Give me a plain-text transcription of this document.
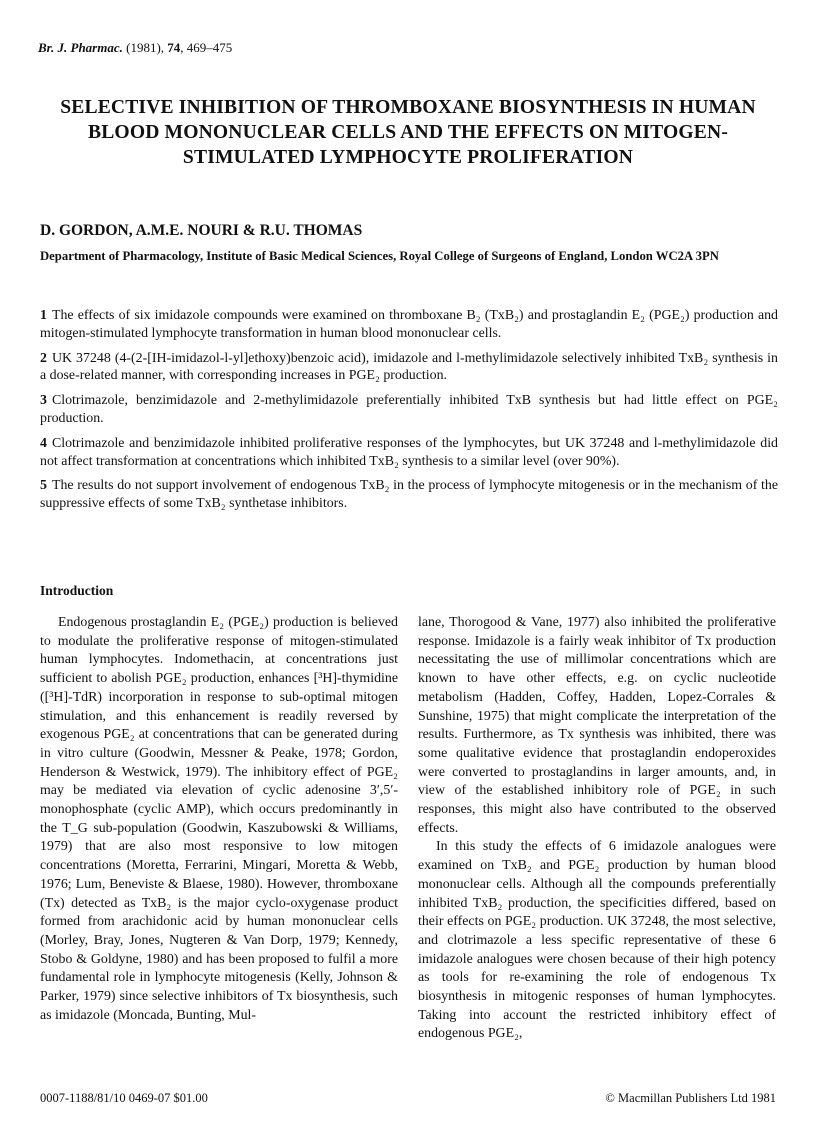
Br. J. Pharmac. (1981), 74, 469–475
SELECTIVE INHIBITION OF THROMBOXANE BIOSYNTHESIS IN HUMAN BLOOD MONONUCLEAR CELLS AND THE EFFECTS ON MITOGEN-STIMULATED LYMPHOCYTE PROLIFERATION
D. GORDON, A.M.E. NOURI & R.U. THOMAS
Department of Pharmacology, Institute of Basic Medical Sciences, Royal College of Surgeons of England, London WC2A 3PN
1 The effects of six imidazole compounds were examined on thromboxane B₂ (TxB₂) and prostaglandin E₂ (PGE₂) production and mitogen-stimulated lymphocyte transformation in human blood mononuclear cells.
2 UK 37248 (4-(2-[IH-imidazol-l-yl]ethoxy)benzoic acid), imidazole and l-methylimidazole selectively inhibited TxB₂ synthesis in a dose-related manner, with corresponding increases in PGE₂ production.
3 Clotrimazole, benzimidazole and 2-methylimidazole preferentially inhibited TxB synthesis but had little effect on PGE₂ production.
4 Clotrimazole and benzimidazole inhibited proliferative responses of the lymphocytes, but UK 37248 and l-methylimidazole did not affect transformation at concentrations which inhibited TxB₂ synthesis to a similar level (over 90%).
5 The results do not support involvement of endogenous TxB₂ in the process of lymphocyte mitogenesis or in the mechanism of the suppressive effects of some TxB₂ synthetase inhibitors.
Introduction

Endogenous prostaglandin E₂ (PGE₂) production is believed to modulate the proliferative response of mitogen-stimulated human lymphocytes. Indomethacin, at concentrations just sufficient to abolish PGE₂ production, enhances [³H]-thymidine ([³H]-TdR) incorporation in response to sub-optimal mitogen stimulation, and this enhancement is readily reversed by exogenous PGE₂ at concentrations that can be generated during in vitro culture (Goodwin, Messner & Peake, 1978; Gordon, Henderson & Westwick, 1979). The inhibitory effect of PGE₂ may be mediated via elevation of cyclic adenosine 3′,5′-monophosphate (cyclic AMP), which occurs predominantly in the T_G sub-population (Goodwin, Kaszubowski & Williams, 1979) that are also most responsive to low mitogen concentrations (Moretta, Ferrarini, Mingari, Moretta & Webb, 1976; Lum, Beneviste & Blaese, 1980). However, thromboxane (Tx) detected as TxB₂ is the major cyclo-oxygenase product formed from arachidonic acid by human mononuclear cells (Morley, Bray, Jones, Nugteren & Van Dorp, 1979; Kennedy, Stobo & Goldyne, 1980) and has been proposed to fulfil a more fundamental role in lymphocyte mitogenesis (Kelly, Johnson & Parker, 1979) since selective inhibitors of Tx biosynthesis, such as imidazole (Moncada, Bunting, Mul-

lane, Thorogood & Vane, 1977) also inhibited the proliferative response. Imidazole is a fairly weak inhibitor of Tx production necessitating the use of millimolar concentrations which are known to have other effects, e.g. on cyclic nucleotide metabolism (Hadden, Coffey, Hadden, Lopez-Corrales & Sunshine, 1975) that might complicate the interpretation of the results. Furthermore, as Tx synthesis was inhibited, there was some qualitative evidence that prostaglandin endoperoxides were converted to prostaglandins in larger amounts, and, in view of the established inhibitory role of PGE₂ in such responses, this might also have contributed to the observed effects.

In this study the effects of 6 imidazole analogues were examined on TxB₂ and PGE₂ production by human blood mononuclear cells. Although all the compounds preferentially inhibited TxB₂ production, the specificities differed, based on their effects on PGE₂ production. UK 37248, the most selective, and clotrimazole a less specific representative of these 6 imidazole analogues were chosen because of their high potency as tools for re-examining the role of endogenous Tx biosynthesis in mitogenic responses of human lymphocytes. Taking into account the restricted inhibitory effect of endogenous PGE₂,

0007-1188/81/10 0469-07 $01.00	© Macmillan Publishers Ltd 1981
